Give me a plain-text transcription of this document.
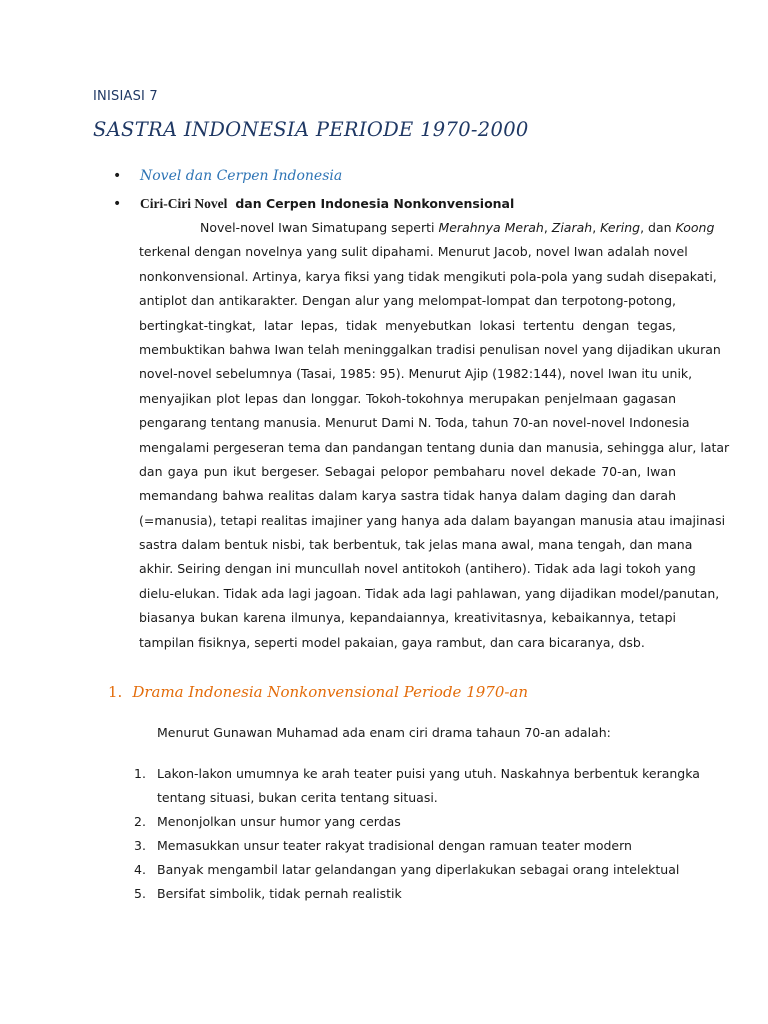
INISIASI 7
SASTRA INDONESIA PERIODE 1970-2000
• Novel dan Cerpen Indonesia
• Ciri-Ciri Novel dan Cerpen Indonesia Nonkonvensional
Novel-novel Iwan Simatupang seperti Merahnya Merah, Ziarah, Kering, dan Koong
terkenal dengan novelnya yang sulit dipahami. Menurut Jacob, novel Iwan adalah novel
nonkonvensional. Artinya, karya fiksi yang tidak mengikuti pola-pola yang sudah disepakati,
antiplot dan antikarakter. Dengan alur yang melompat-lompat dan terpotong-potong,
bertingkat-tingkat, latar lepas, tidak menyebutkan lokasi tertentu dengan tegas,
membuktikan bahwa Iwan telah meninggalkan tradisi penulisan novel yang dijadikan ukuran
novel-novel sebelumnya (Tasai, 1985: 95). Menurut Ajip (1982:144), novel Iwan itu unik,
menyajikan plot lepas dan longgar. Tokoh-tokohnya merupakan penjelmaan gagasan
pengarang tentang manusia. Menurut Dami N. Toda, tahun 70-an novel-novel Indonesia
mengalami pergeseran tema dan pandangan tentang dunia dan manusia, sehingga alur, latar
dan gaya pun ikut bergeser. Sebagai pelopor pembaharu novel dekade 70-an, Iwan
memandang bahwa realitas dalam karya sastra tidak hanya dalam daging dan darah
(=manusia), tetapi realitas imajiner yang hanya ada dalam bayangan manusia atau imajinasi
sastra dalam bentuk nisbi, tak berbentuk, tak jelas mana awal, mana tengah, dan mana
akhir. Seiring dengan ini muncullah novel antitokoh (antihero). Tidak ada lagi tokoh yang
dielu-elukan. Tidak ada lagi jagoan. Tidak ada lagi pahlawan, yang dijadikan model/panutan,
biasanya bukan karena ilmunya, kepandaiannya, kreativitasnya, kebaikannya, tetapi
tampilan fisiknya, seperti model pakaian, gaya rambut, dan cara bicaranya, dsb.
1. Drama Indonesia Nonkonvensional Periode 1970-an
Menurut Gunawan Muhamad ada enam ciri drama tahaun 70-an adalah:
1. Lakon-lakon umumnya ke arah teater puisi yang utuh. Naskahnya berbentuk kerangka
tentang situasi, bukan cerita tentang situasi.
2. Menonjolkan unsur humor yang cerdas
3. Memasukkan unsur teater rakyat tradisional dengan ramuan teater modern
4. Banyak mengambil latar gelandangan yang diperlakukan sebagai orang intelektual
5. Bersifat simbolik, tidak pernah realistik
